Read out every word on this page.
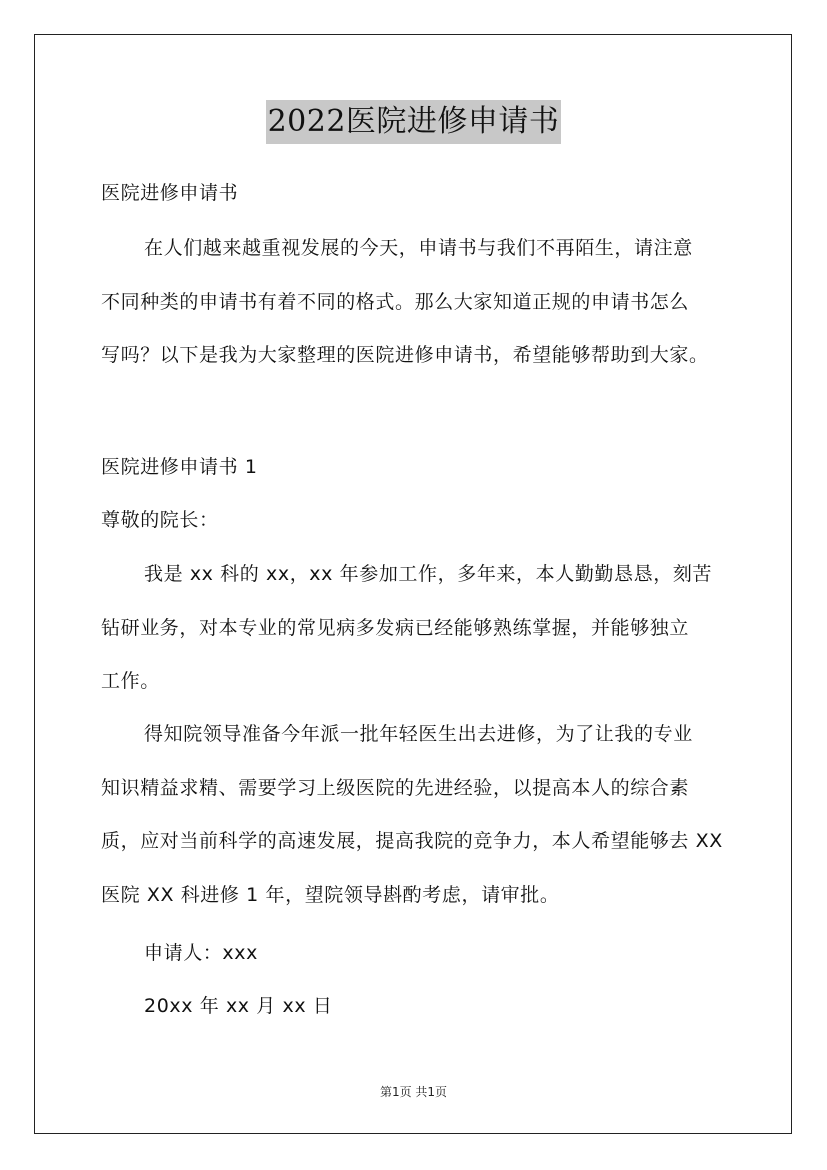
2022医院进修申请书
医院进修申请书
在人们越来越重视发展的今天，申请书与我们不再陌生，请注意
不同种类的申请书有着不同的格式。那么大家知道正规的申请书怎么
写吗？以下是我为大家整理的医院进修申请书，希望能够帮助到大家。
医院进修申请书 1
尊敬的院长：
我是 xx 科的 xx，xx 年参加工作，多年来，本人勤勤恳恳，刻苦
钻研业务，对本专业的常见病多发病已经能够熟练掌握，并能够独立
工作。
得知院领导准备今年派一批年轻医生出去进修，为了让我的专业
知识精益求精、需要学习上级医院的先进经验，以提高本人的综合素
质，应对当前科学的高速发展，提高我院的竞争力，本人希望能够去 XX
医院 XX 科进修 1 年，望院领导斟酌考虑，请审批。
申请人：xxx
20xx 年 xx 月 xx 日
第1页 共1页
